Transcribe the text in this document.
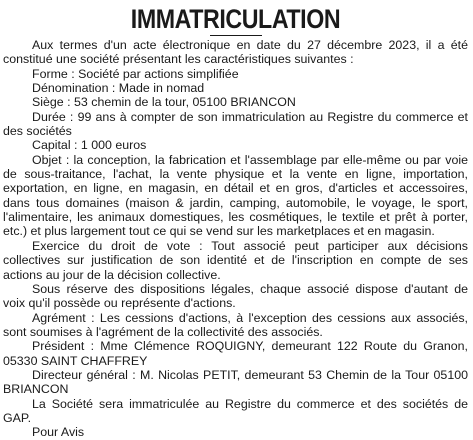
IMMATRICULATION

Aux termes d'un acte électronique en date du 27 décembre 2023, il a été constitué une société présentant les caractéristiques suivantes :

Forme : Société par actions simplifiée

Dénomination : Made in nomad

Siège : 53 chemin de la tour, 05100 BRIANCON

Durée : 99 ans à compter de son immatriculation au Registre du commerce et des sociétés

Capital : 1 000 euros

Objet : la conception, la fabrication et l'assemblage par elle-même ou par voie de sous-traitance, l'achat, la vente physique et la vente en ligne, importation, exportation, en ligne, en magasin, en détail et en gros, d'articles et accessoires, dans tous domaines (maison & jardin, camping, automobile, le voyage, le sport, l'alimentaire, les animaux domestiques, les cosmétiques, le textile et prêt à porter, etc.) et plus largement tout ce qui se vend sur les marketplaces et en magasin.

Exercice du droit de vote : Tout associé peut participer aux décisions collectives sur justification de son identité et de l'inscription en compte de ses actions au jour de la décision collective.

Sous réserve des dispositions légales, chaque associé dispose d'autant de voix qu'il possède ou représente d'actions.

Agrément : Les cessions d'actions, à l'exception des cessions aux associés, sont soumises à l'agrément de la collectivité des associés.

Président : Mme Clémence ROQUIGNY, demeurant 122 Route du Granon, 05330 SAINT CHAFFREY

Directeur général : M. Nicolas PETIT, demeurant 53 Chemin de la Tour 05100 BRIANCON

La Société sera immatriculée au Registre du commerce et des sociétés de GAP.

Pour Avis
